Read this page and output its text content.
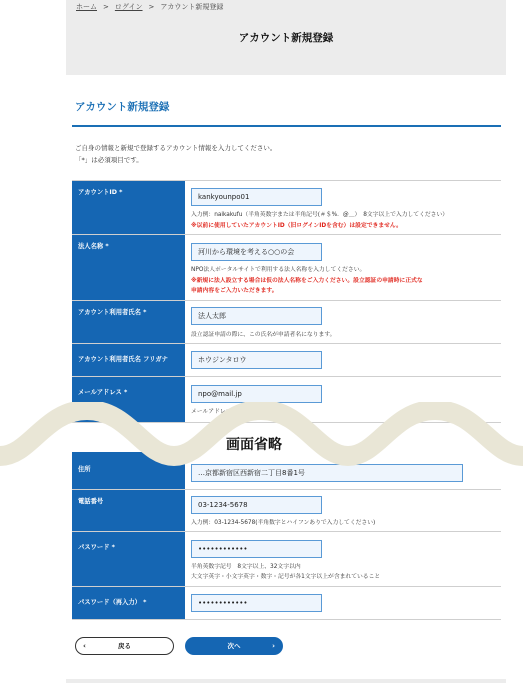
ホーム > ログイン > アカウント新規登録
アカウント新規登録
アカウント新規登録
ご自身の情報と新規で登録するアカウント情報を入力してください。
「*」は必須項目です。
アカウントID *
kankyounpo01
入力例：naikakufu（半角英数字または半角記号(＃＄%．@＿）　8文字以上で入力してください）
※以前に使用していたアカウントID（旧ログインIDを含む）は設定できません。
法人名称 *
河川から環境を考える○○の会
NPO法人ポータルサイトで利用する法人名称を入力してください。
※新規に法人設立する場合は仮の法人名称をご入力ください。設立認証の申請時に正式な
申請内容をご入力いただきます。
アカウント利用者氏名 *	法人太郎
設立認証申請の際に、この氏名が申請者名になります。
アカウント利用者氏名 フリガナ	ホウジンタロウ
メールアドレス *	npo@mail.jp
メールアドレス
住所	…京都新宿区西新宿二丁目8番1号
電話番号	03-1234-5678
入力例：03-1234-5678(半角数字とハイフンありで入力してください)
パスワード *	••••••••••••
半角英数字記号　8文字以上、32文字以内
大文字英字・小文字英字・数字・記号が各1文字以上が含まれていること
パスワード（再入力） *	••••••••••••
画面省略
‹	戻る	次へ	›
